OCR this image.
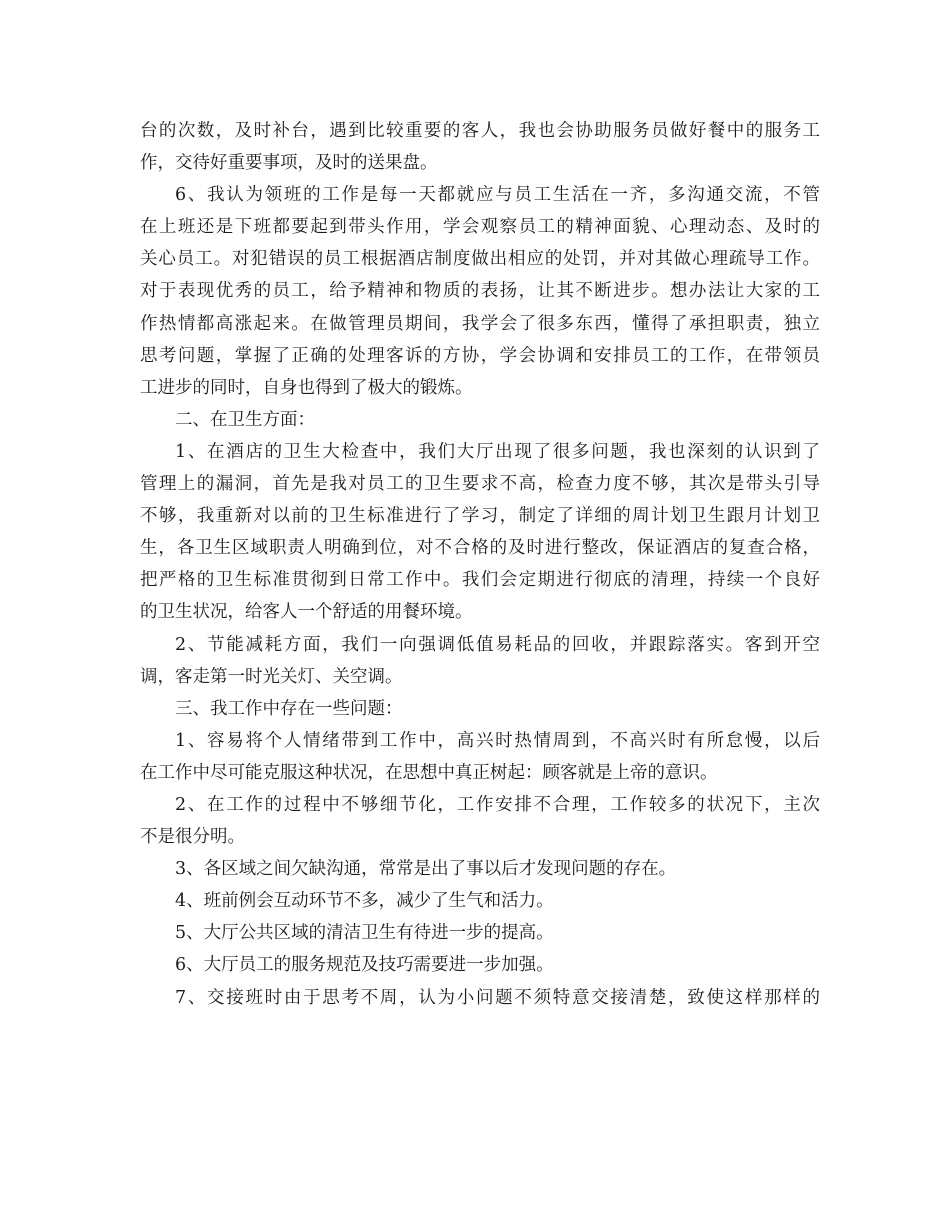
台的次数，及时补台，遇到比较重要的客人，我也会协助服务员做好餐中的服务工
作，交待好重要事项，及时的送果盘。
6、我认为领班的工作是每一天都就应与员工生活在一齐，多沟通交流，不管
在上班还是下班都要起到带头作用，学会观察员工的精神面貌、心理动态、及时的
关心员工。对犯错误的员工根据酒店制度做出相应的处罚，并对其做心理疏导工作。
对于表现优秀的员工，给予精神和物质的表扬，让其不断进步。想办法让大家的工
作热情都高涨起来。在做管理员期间，我学会了很多东西，懂得了承担职责，独立
思考问题，掌握了正确的处理客诉的方协，学会协调和安排员工的工作，在带领员
工进步的同时，自身也得到了极大的锻炼。
二、在卫生方面：
1、在酒店的卫生大检查中，我们大厅出现了很多问题，我也深刻的认识到了
管理上的漏洞，首先是我对员工的卫生要求不高，检查力度不够，其次是带头引导
不够，我重新对以前的卫生标准进行了学习，制定了详细的周计划卫生跟月计划卫
生，各卫生区域职责人明确到位，对不合格的及时进行整改，保证酒店的复查合格，
把严格的卫生标准贯彻到日常工作中。我们会定期进行彻底的清理，持续一个良好
的卫生状况，给客人一个舒适的用餐环境。
2、节能减耗方面，我们一向强调低值易耗品的回收，并跟踪落实。客到开空
调，客走第一时光关灯、关空调。
三、我工作中存在一些问题：
1、容易将个人情绪带到工作中，高兴时热情周到，不高兴时有所怠慢，以后
在工作中尽可能克服这种状况，在思想中真正树起：顾客就是上帝的意识。
2、在工作的过程中不够细节化，工作安排不合理，工作较多的状况下，主次
不是很分明。
3、各区域之间欠缺沟通，常常是出了事以后才发现问题的存在。
4、班前例会互动环节不多，减少了生气和活力。
5、大厅公共区域的清洁卫生有待进一步的提高。
6、大厅员工的服务规范及技巧需要进一步加强。
7、交接班时由于思考不周，认为小问题不须特意交接清楚，致使这样那样的
